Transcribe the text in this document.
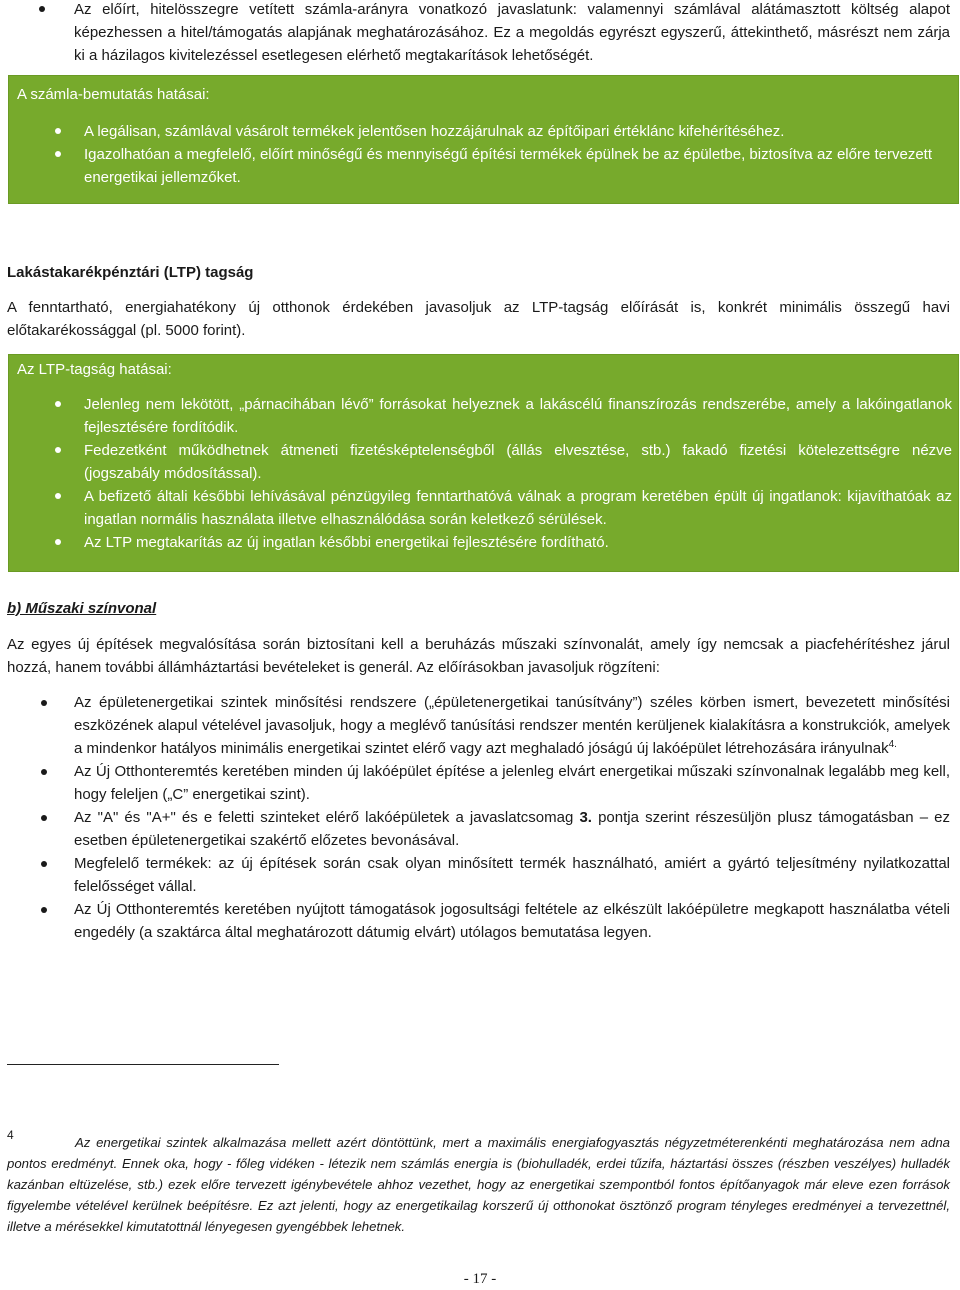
Az előírt, hitelösszegre vetített számla-arányra vonatkozó javaslatunk: valamennyi számlával alátámasztott költség alapot képezhessen a hitel/támogatás alapjának meghatározásához. Ez a megoldás egyrészt egyszerű, áttekinthető, másrészt nem zárja ki a házilagos kivitelezéssel esetlegesen elérhető megtakarítások lehetőségét.
A számla-bemutatás hatásai:
A legálisan, számlával vásárolt termékek jelentősen hozzájárulnak az építőipari értéklánc kifehérítéséhez.
Igazolhatóan a megfelelő, előírt minőségű és mennyiségű építési termékek épülnek be az épületbe, biztosítva az előre tervezett energetikai jellemzőket.
Lakástakarékpénztári (LTP) tagság

A fenntartható, energiahatékony új otthonok érdekében javasoljuk az LTP-tagság előírását is, konkrét minimális összegű havi előtakarékossággal (pl. 5000 forint).

Az LTP-tagság hatásai:
Jelenleg nem lekötött, „párnacihában lévő” forrásokat helyeznek a lakáscélú finanszírozás rendszerébe, amely a lakóingatlanok fejlesztésére fordítódik.
Fedezetként működhetnek átmeneti fizetésképtelenségből (állás elvesztése, stb.) fakadó fizetési kötelezettségre nézve (jogszabály módosítással).
A befizető általi későbbi lehívásával pénzügyileg fenntarthatóvá válnak a program keretében épült új ingatlanok: kijavíthatóak az ingatlan normális használata illetve elhasználódása során keletkező sérülések.
Az LTP megtakarítás az új ingatlan későbbi energetikai fejlesztésére fordítható.
b) Műszaki színvonal

Az egyes új építések megvalósítása során biztosítani kell a beruházás műszaki színvonalát, amely így nemcsak a piacfehérítéshez járul hozzá, hanem további állámháztartási bevételeket is generál. Az előírásokban javasoljuk rögzíteni:

Az épületenergetikai szintek minősítési rendszere („épületenergetikai tanúsítvány”) széles körben ismert, bevezetett minősítési eszközének alapul vételével javasoljuk, hogy a meglévő tanúsítási rendszer mentén kerüljenek kialakításra a konstrukciók, amelyek a mindenkor hatályos minimális energetikai szintet elérő vagy azt meghaladó jóságú új lakóépület létrehozására irányulnak$^{4.}$
Az Új Otthonteremtés keretében minden új lakóépület építése a jelenleg elvárt energetikai műszaki színvonalnak legalább meg kell, hogy feleljen („C” energetikai szint).
Az "A" és "A+" és e feletti szinteket elérő lakóépületek a javaslatcsomag 3. pontja szerint részesüljön plusz támogatásban – ez esetben épületenergetikai szakértő előzetes bevonásával.
Megfelelő termékek: az új építések során csak olyan minősített termék használható, amiért a gyártó teljesítmény nyilatkozattal felelősséget vállal.
Az Új Otthonteremtés keretében nyújtott támogatások jogosultsági feltétele az elkészült lakóépületre megkapott használatba vételi engedély (a szaktárca által meghatározott dátumig elvárt) utólagos bemutatása legyen.
4	Az energetikai szintek alkalmazása mellett azért döntöttünk, mert a maximális energiafogyasztás négyzetméterenkénti meghatározása nem adna pontos eredményt. Ennek oka, hogy - főleg vidéken - létezik nem számlás energia is (biohulladék, erdei tűzifa, háztartási összes (részben veszélyes) hulladék kazánban eltüzelése, stb.) ezek előre tervezett igénybevétele ahhoz vezethet, hogy az energetikai szempontból fontos építőanyagok már eleve ezen források figyelembe vételével kerülnek beépítésre. Ez azt jelenti, hogy az energetikailag korszerű új otthonokat ösztönző program tényleges eredményei a tervezettnél, illetve a mérésekkel kimutatottnál lényegesen gyengébbek lehetnek.

- 17 -
